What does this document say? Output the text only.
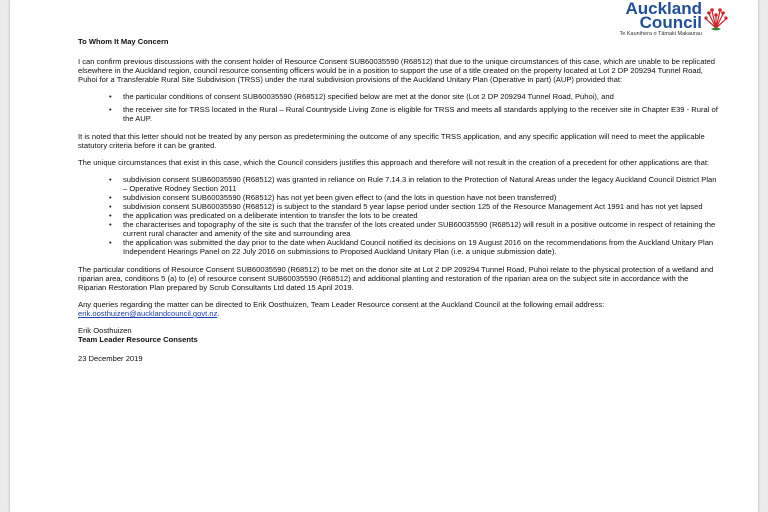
Auckland Council
Te Kaunihera o Tāmaki Makaurau

To Whom It May Concern

I can confirm previous discussions with the consent holder of Resource Consent SUB60035590 (R68512) that due to the unique circumstances of this case, which are unable to be replicated elsewhere in the Auckland region, council resource consenting officers would be in a position to support the use of a title created on the property located at Lot 2 DP 209294 Tunnel Road, Puhoi for a Transferable Rural Site Subdivision (TRSS) under the rural subdivision provisions of the Auckland Unitary Plan (Operative in part) (AUP) provided that:

• the particular conditions of consent SUB60035590 (R68512) specified below are met at the donor site (Lot 2 DP 209294 Tunnel Road, Puhoi), and
• the receiver site for TRSS located in the Rural – Rural Countryside Living Zone is eligible for TRSS and meets all standards applying to the receiver site in Chapter E39 - Rural of the AUP.

It is noted that this letter should not be treated by any person as predetermining the outcome of any specific TRSS application, and any specific application will need to meet the applicable statutory criteria before it can be granted.

The unique circumstances that exist in this case, which the Council considers justifies this approach and therefore will not result in the creation of a precedent for other applications are that:

• subdivision consent SUB60035590 (R68512) was granted in reliance on Rule 7.14.3 in relation to the Protection of Natural Areas under the legacy Auckland Council District Plan – Operative Rodney Section 2011
• subdivision consent SUB60035590 (R68512) has not yet been given effect to (and the lots in question have not been transferred)
• subdivision consent SUB60035590 (R68512) is subject to the standard 5 year lapse period under section 125 of the Resource Management Act 1991 and has not yet lapsed
• the application was predicated on a deliberate intention to transfer the lots to be created
• the characterises and topography of the site is such that the transfer of the lots created under SUB60035590 (R68512) will result in a positive outcome in respect of retaining the current rural character and amenity of the site and surrounding area
• the application was submitted the day prior to the date when Auckland Council notified its decisions on 19 August 2016 on the recommendations from the Auckland Unitary Plan Independent Hearings Panel on 22 July 2016 on submissions to Proposed Auckland Unitary Plan (i.e. a unique submission date).

The particular conditions of Resource Consent SUB60035590 (R68512) to be met on the donor site at Lot 2 DP 209294 Tunnel Road, Puhoi relate to the physical protection of a wetland and riparian area, conditions 5 (a) to (e) of resource consent SUB60035590 (R68512) and additional planting and restoration of the riparian area on the subject site in accordance with the Riparian Restoration Plan prepared by Scrub Consultants Ltd dated 15 April 2019.

Any queries regarding the matter can be directed to Erik Oosthuizen, Team Leader Resource consent at the Auckland Council at the following email address: erik.oosthuizen@aucklandcouncil.govt.nz.

Erik Oosthuizen

Team Leader Resource Consents

23 December 2019
